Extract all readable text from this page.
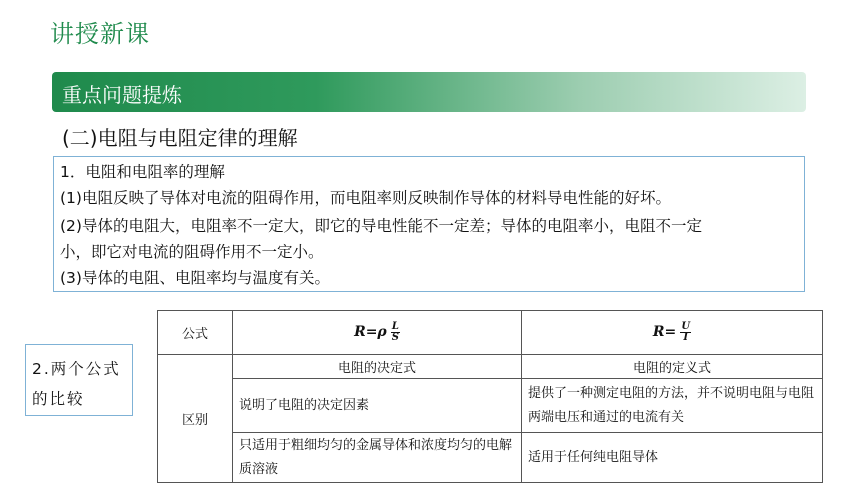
讲授新课
重点问题提炼
(二)电阻与电阻定律的理解
1．电阻和电阻率的理解
(1)电阻反映了导体对电流的阻碍作用，而电阻率则反映制作导体的材料导电性能的好坏。
(2)导体的电阻大，电阻率不一定大，即它的导电性能不一定差；导体的电阻率小，电阻不一定
小，即它对电流的阻碍作用不一定小。
(3)导体的电阻、电阻率均与温度有关。
2.两个公式
的比较
公式	$R=\rho \frac{L}{S}$	$R= \frac{U}{I}$

区别	电阻的决定式	电阻的定义式
	说明了电阻的决定因素	提供了一种测定电阻的方法，并不说明电阻与电阻两端电压和通过的电流有关
	只适用于粗细均匀的金属导体和浓度均匀的电解质溶液	适用于任何纯电阻导体
